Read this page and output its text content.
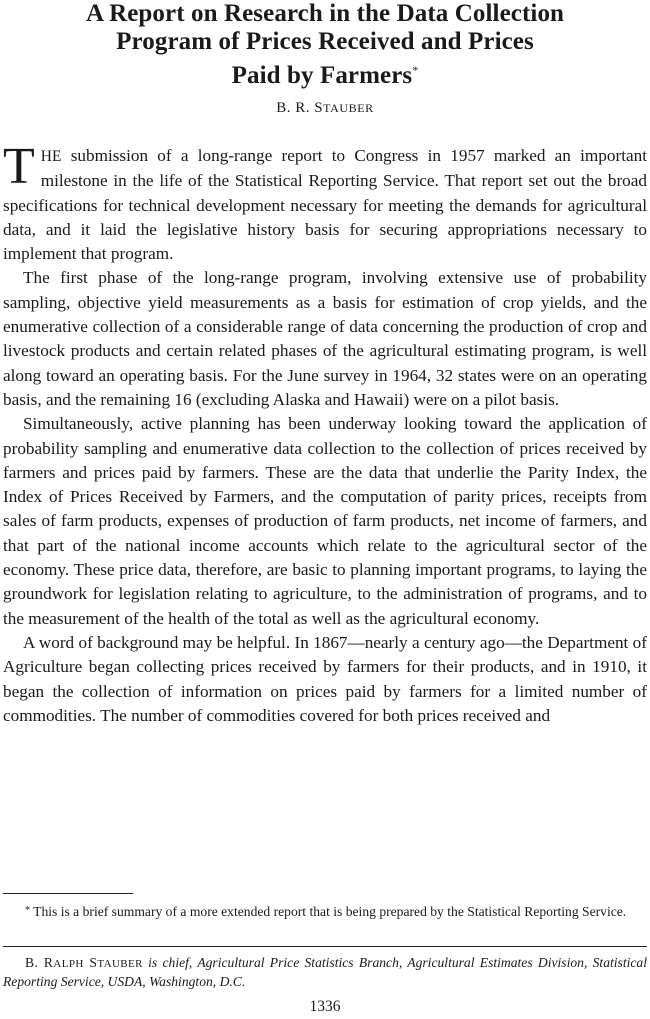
A Report on Research in the Data Collection
Program of Prices Received and Prices
Paid by Farmers*
B. R. STAUBER

THE submission of a long-range report to Congress in 1957 marked an important milestone in the life of the Statistical Reporting Service. That report set out the broad specifications for technical development necessary for meeting the demands for agricultural data, and it laid the legislative history basis for securing appropriations necessary to implement that program.

The first phase of the long-range program, involving extensive use of probability sampling, objective yield measurements as a basis for estimation of crop yields, and the enumerative collection of a considerable range of data concerning the production of crop and livestock products and certain related phases of the agricultural estimating program, is well along toward an operating basis. For the June survey in 1964, 32 states were on an operating basis, and the remaining 16 (excluding Alaska and Hawaii) were on a pilot basis.

Simultaneously, active planning has been underway looking toward the application of probability sampling and enumerative data collection to the collection of prices received by farmers and prices paid by farmers. These are the data that underlie the Parity Index, the Index of Prices Received by Farmers, and the computation of parity prices, receipts from sales of farm products, expenses of production of farm products, net income of farmers, and that part of the national income accounts which relate to the agricultural sector of the economy. These price data, therefore, are basic to planning important programs, to laying the groundwork for legislation relating to agriculture, to the administration of programs, and to the measurement of the health of the total as well as the agricultural economy.

A word of background may be helpful. In 1867—nearly a century ago—the Department of Agriculture began collecting prices received by farmers for their products, and in 1910, it began the collection of information on prices paid by farmers for a limited number of commodities. The number of commodities covered for both prices received and

* This is a brief summary of a more extended report that is being prepared by the Statistical Reporting Service.

B. RALPH STAUBER is chief, Agricultural Price Statistics Branch, Agricultural Estimates Division, Statistical Reporting Service, USDA, Washington, D.C.

1336
